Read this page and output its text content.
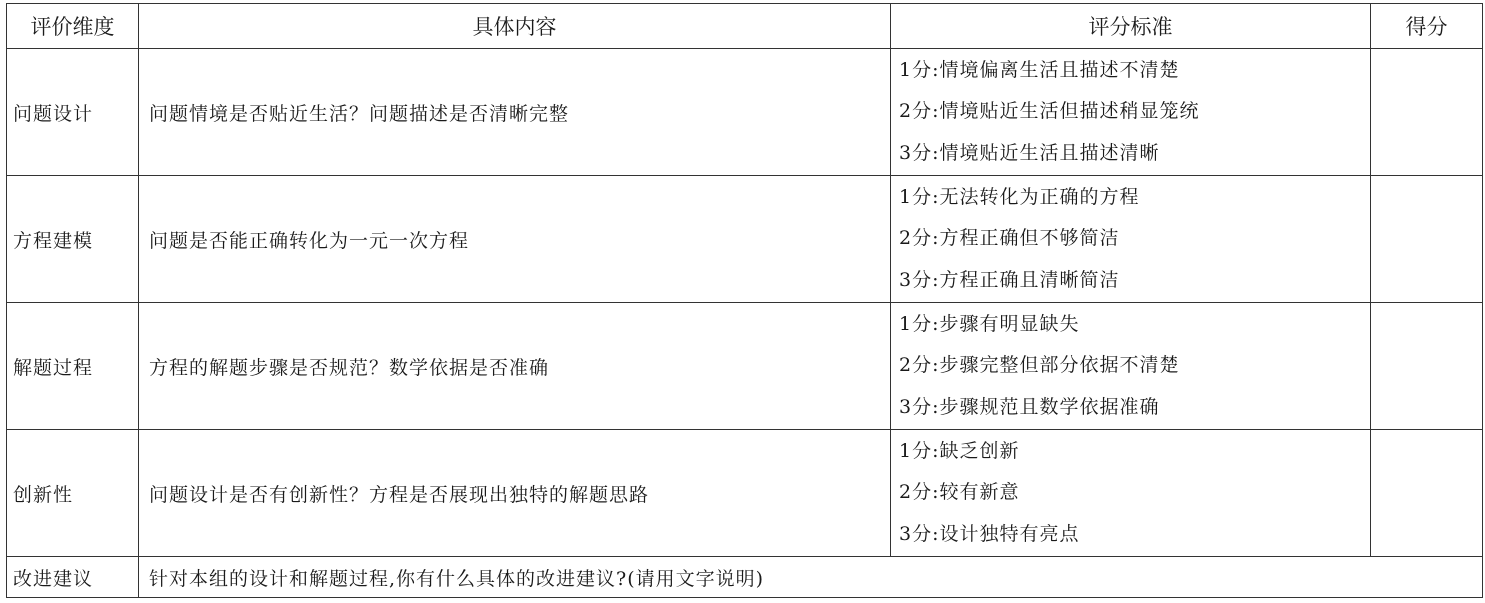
评价维度	具体内容	评分标准	得分
问题设计	问题情境是否贴近生活？问题描述是否清晰完整	1分:情境偏离生活且描述不清楚
2分:情境贴近生活但描述稍显笼统
3分:情境贴近生活且描述清晰	

方程建模	问题是否能正确转化为一元一次方程	1分:无法转化为正确的方程
2分:方程正确但不够简洁
3分:方程正确且清晰简洁	

解题过程	方程的解题步骤是否规范？数学依据是否准确	1分:步骤有明显缺失
2分:步骤完整但部分依据不清楚
3分:步骤规范且数学依据准确	

创新性	问题设计是否有创新性？方程是否展现出独特的解题思路	1分:缺乏创新
2分:较有新意
3分:设计独特有亮点	

改进建议	针对本组的设计和解题过程,你有什么具体的改进建议?(请用文字说明)		
